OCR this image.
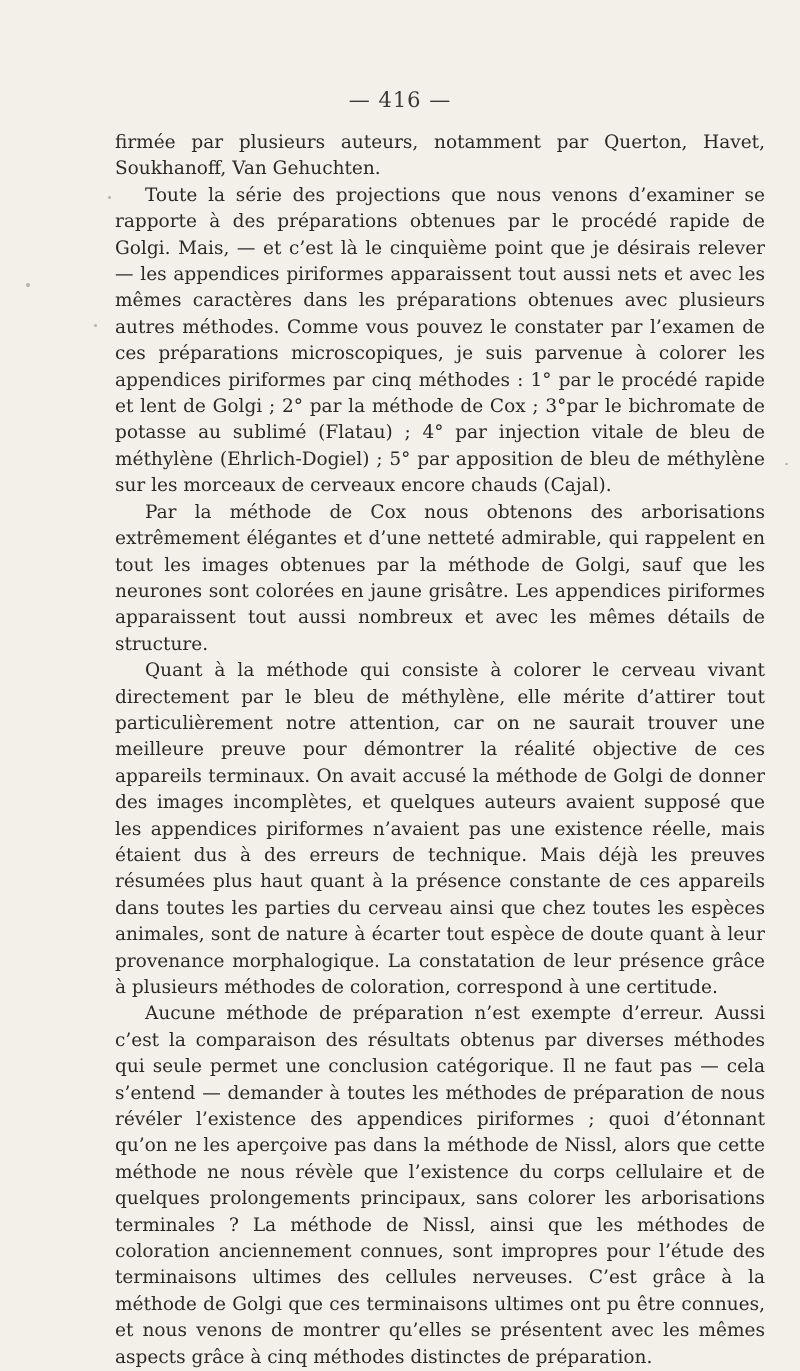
— 416 —

firmée par plusieurs auteurs, notamment par Querton, Havet, Soukhanoff, Van Gehuchten.

Toute la série des projections que nous venons d’examiner se rapporte à des préparations obtenues par le procédé rapide de Golgi. Mais, — et c’est là le cinquième point que je désirais relever — les appendices piriformes apparaissent tout aussi nets et avec les mêmes caractères dans les préparations obtenues avec plusieurs autres méthodes. Comme vous pouvez le constater par l’examen de ces préparations microscopiques, je suis parvenue à colorer les appendices piriformes par cinq méthodes : 1° par le procédé rapide et lent de Golgi ; 2° par la méthode de Cox ; 3°par le bichromate de potasse au sublimé (Flatau) ; 4° par injection vitale de bleu de méthylène (Ehrlich-Dogiel) ; 5° par apposition de bleu de méthylène sur les morceaux de cerveaux encore chauds (Cajal).

Par la méthode de Cox nous obtenons des arborisations extrêmement élégantes et d’une netteté admirable, qui rappelent en tout les images obtenues par la méthode de Golgi, sauf que les neurones sont colorées en jaune grisâtre. Les appendices piriformes apparaissent tout aussi nombreux et avec les mêmes détails de structure.

Quant à la méthode qui consiste à colorer le cerveau vivant directement par le bleu de méthylène, elle mérite d’attirer tout particulièrement notre attention, car on ne saurait trouver une meilleure preuve pour démontrer la réalité objective de ces appareils terminaux. On avait accusé la méthode de Golgi de donner des images incomplètes, et quelques auteurs avaient supposé que les appendices piriformes n’avaient pas une existence réelle, mais étaient dus à des erreurs de technique. Mais déjà les preuves résumées plus haut quant à la présence constante de ces appareils dans toutes les parties du cerveau ainsi que chez toutes les espèces animales, sont de nature à écarter tout espèce de doute quant à leur provenance morphalogique. La constatation de leur présence grâce à plusieurs méthodes de coloration, correspond à une certitude.

Aucune méthode de préparation n’est exempte d’erreur. Aussi c’est la comparaison des résultats obtenus par diverses méthodes qui seule permet une conclusion catégorique. Il ne faut pas — cela s’entend — demander à toutes les méthodes de préparation de nous révéler l’existence des appendices piriformes ; quoi d’étonnant qu’on ne les aperçoive pas dans la méthode de Nissl, alors que cette méthode ne nous révèle que l’existence du corps cellulaire et de quelques prolongements principaux, sans colorer les arborisations terminales ? La méthode de Nissl, ainsi que les méthodes de coloration anciennement connues, sont impropres pour l’étude des terminaisons ultimes des cellules nerveuses. C’est grâce à la méthode de Golgi que ces terminaisons ultimes ont pu être connues, et nous venons de montrer qu’elles se présentent avec les mêmes aspects grâce à cinq méthodes distinctes de préparation.
